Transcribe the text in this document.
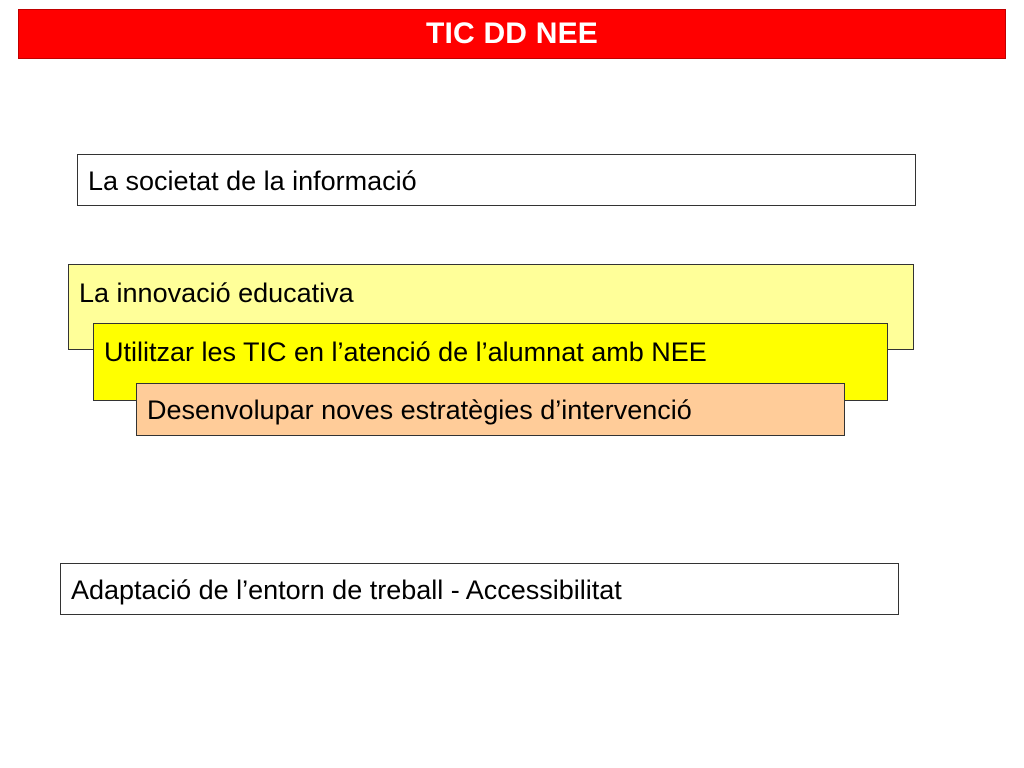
TIC DD NEE
La societat de la informació
La innovació educativa
Utilitzar les TIC en l’atenció de l’alumnat amb NEE
Desenvolupar noves estratègies d’intervenció
Adaptació de l’entorn de treball - Accessibilitat
